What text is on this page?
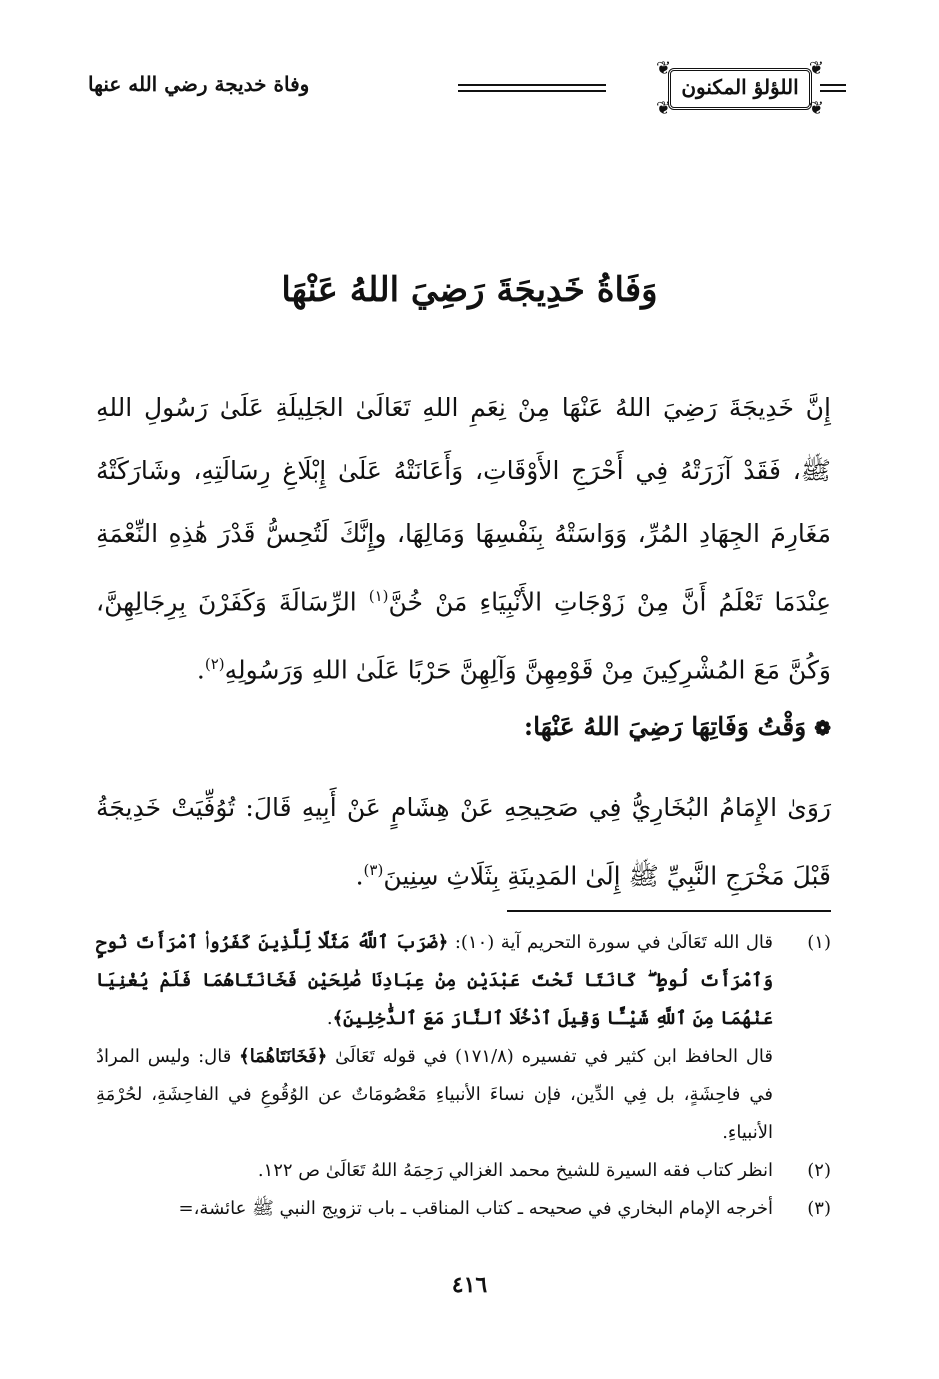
❦	❦
❦	❦
اللؤلؤ المكنون
وفاة خديجة رضي الله عنها
وَفَاةُ خَدِيجَةَ رَضِيَ اللهُ عَنْهَا

إِنَّ خَدِيجَةَ رَضِيَ اللهُ عَنْهَا مِنْ نِعَمِ اللهِ تَعَالَىٰ الجَلِيلَةِ عَلَىٰ رَسُولِ اللهِ ﷺ، فَقَدْ آزَرَتْهُ فِي أَحْرَجِ الأَوْقَاتِ، وَأَعَانَتْهُ عَلَىٰ إِبْلَاغِ رِسَالَتِهِ، وشَارَكَتْهُ مَغَارِمَ الجِهَادِ المُرِّ، وَوَاسَتْهُ بِنَفْسِهَا وَمَالِهَا، وإِنَّكَ لَتُحِسُّ قَدْرَ هَٰذِهِ النِّعْمَةِ عِنْدَمَا تَعْلَمُ أَنَّ مِنْ زَوْجَاتِ الأَنْبِيَاءِ مَنْ خُنَّ$^{(١)}$ الرِّسَالَةَ وَكَفَرْنَ بِرِجَالِهِنَّ، وَكُنَّ مَعَ المُشْرِكِينَ مِنْ قَوْمِهِنَّ وَآلِهِنَّ حَرْبًا عَلَىٰ اللهِ وَرَسُولِهِ$^{(٢)}$.

❁وَقْتُ وَفَاتِهَا رَضِيَ اللهُ عَنْهَا:

رَوَىٰ الإِمَامُ البُخَارِيُّ فِي صَحِيحِهِ عَنْ هِشَامٍ عَنْ أَبِيهِ قَالَ: تُوُفِّيَتْ خَدِيجَةُ قَبْلَ مَخْرَجِ النَّبِيِّ ﷺ إِلَىٰ المَدِينَةِ بِثَلَاثِ سِنِينَ$^{(٣)}$.

(١)
قال الله تَعَالَىٰ في سورة التحريم آية (١٠): ﴿ضَرَبَ ٱللَّهُ مَثَلًا لِّلَّذِينَ كَفَرُوا۟ ٱمْرَأَتَ نُوحٍ وَٱمْرَأَتَ لُوطٍ ۖ كَانَتَا تَحْتَ عَبْدَيْنِ مِنْ عِبَادِنَا صَٰلِحَيْنِ فَخَانَتَاهُمَا فَلَمْ يُغْنِيَا عَنْهُمَا مِنَ ٱللَّهِ شَيْـًٔا وَقِيلَ ٱدْخُلَا ٱلنَّارَ مَعَ ٱلدَّٰخِلِينَ﴾.
قال الحافظ ابن كثير في تفسيره (١٧١/٨) في قوله تَعَالَىٰ ﴿فَخَانَتَاهُمَا﴾ قال: وليس المرادُ في فاحِشَةٍ، بل فِي الدِّين، فإن نساءَ الأنبياءِ مَعْصُومَاتٌ عن الوُقُوعِ في الفاحِشَةِ، لحُرْمَةِ الأنبياءِ.
(٢)
انظر كتاب فقه السيرة للشيخ محمد الغزالي رَحِمَهُ اللهُ تَعَالَىٰ ص ١٢٢.
(٣)
أخرجه الإمام البخاري في صحيحه ـ كتاب المناقب ـ باب تزويج النبي ﷺ عائشة،=
٤١٦
